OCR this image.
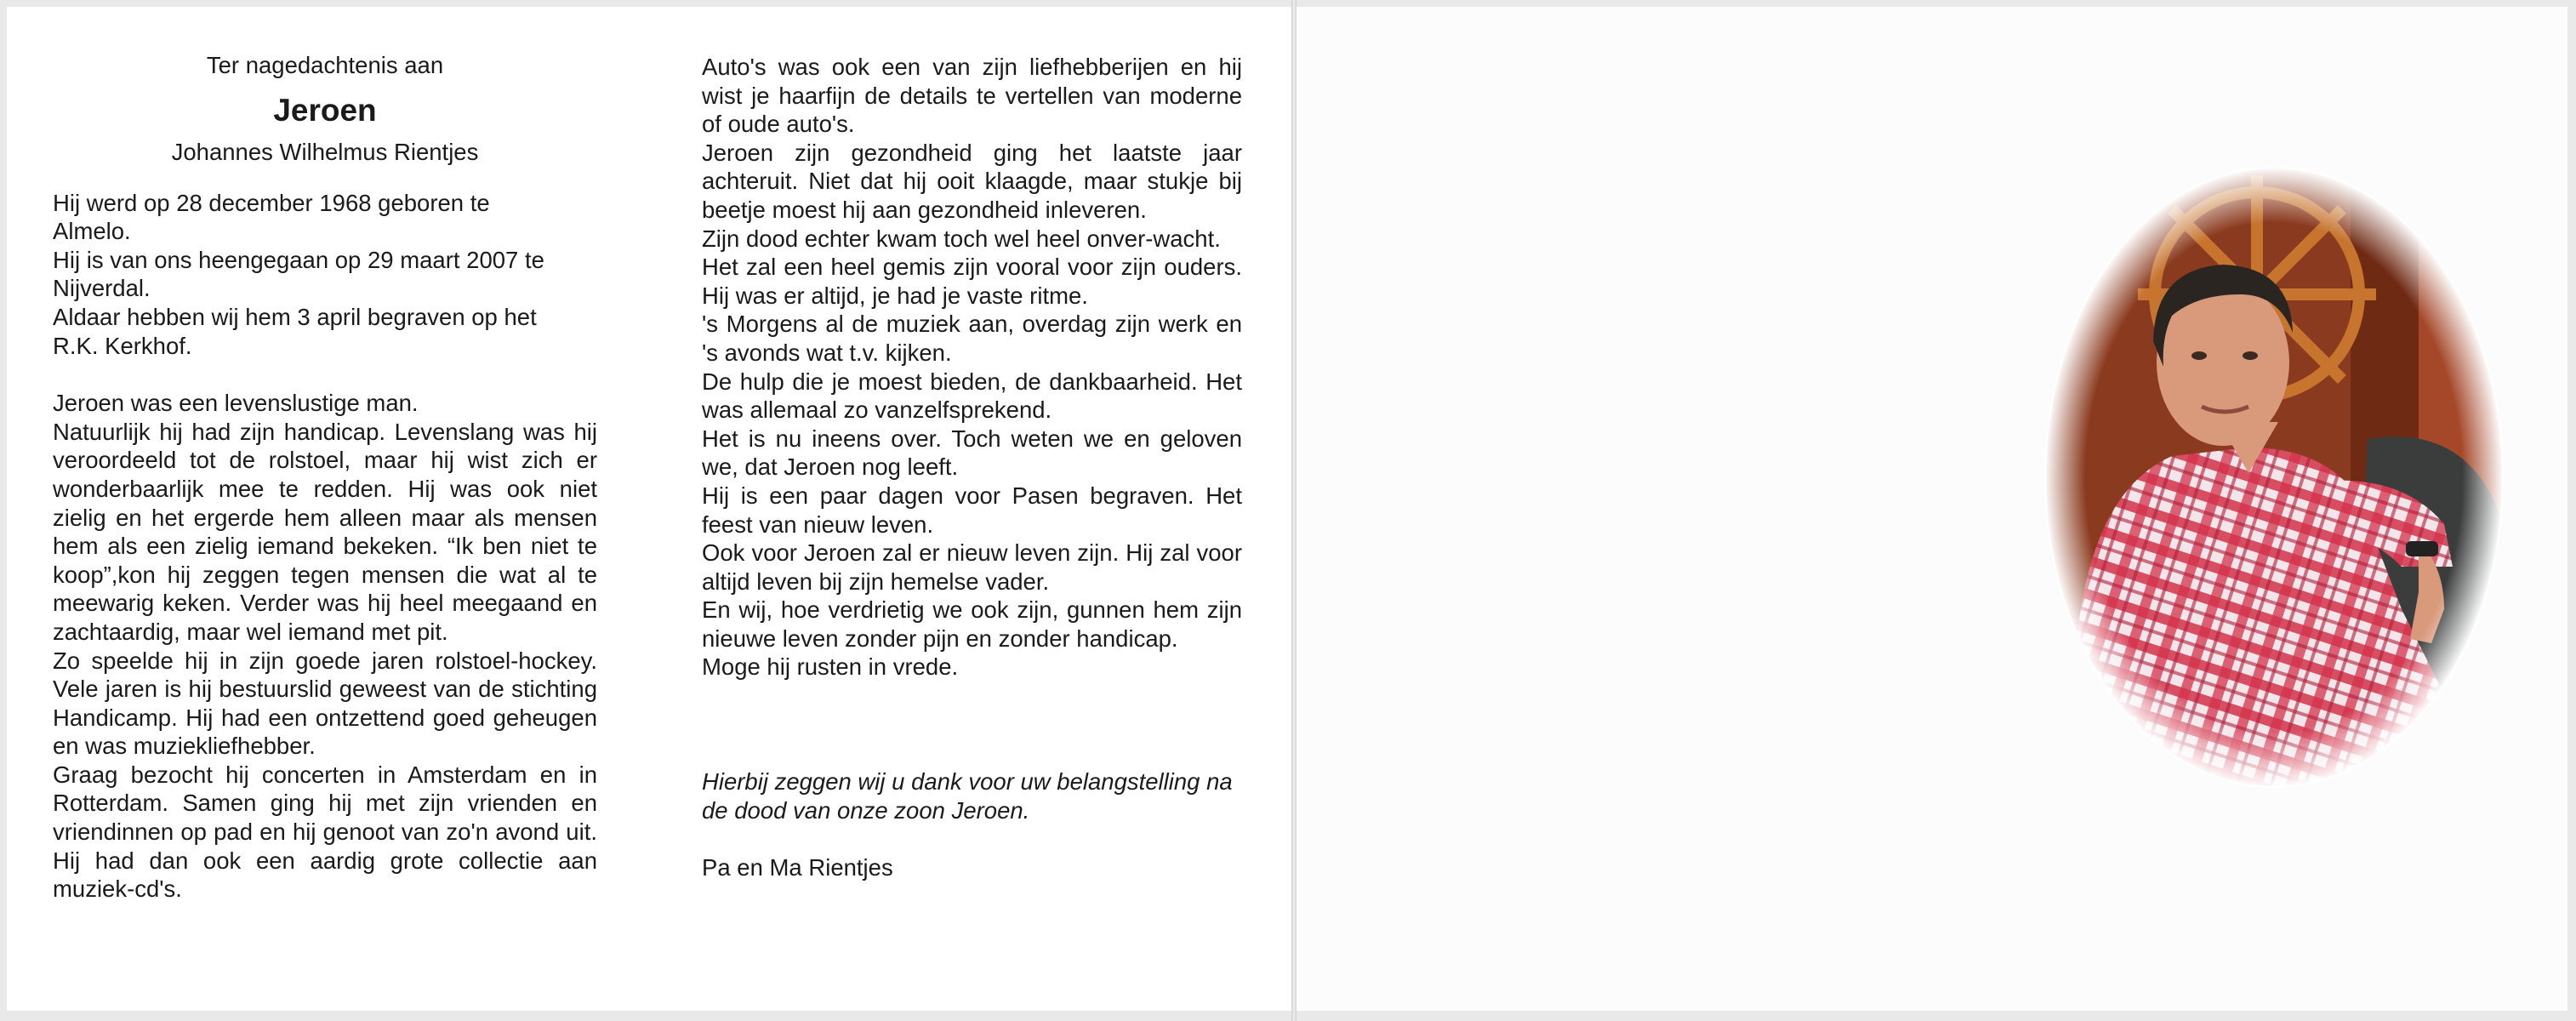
Ter nagedachtenis aan

Jeroen

Johannes Wilhelmus Rientjes

Hij werd op 28 december 1968 geboren te Almelo.

Hij is van ons heengegaan op 29 maart 2007 te Nijverdal.

Aldaar hebben wij hem 3 april begraven op het R.K. Kerkhof.

Jeroen was een levenslustige man.

Natuurlijk hij had zijn handicap. Levenslang was hij veroordeeld tot de rolstoel, maar hij wist zich er wonderbaarlijk mee te redden. Hij was ook niet zielig en het ergerde hem alleen maar als mensen hem als een zielig iemand bekeken. “Ik ben niet te koop”,kon hij zeggen tegen mensen die wat al te meewarig keken. Verder was hij heel meegaand en zachtaardig, maar wel iemand met pit.

Zo speelde hij in zijn goede jaren rolstoel-hockey. Vele jaren is hij bestuurslid geweest van de stichting Handicamp. Hij had een ontzettend goed geheugen en was muziekliefhebber.

Graag bezocht hij concerten in Amsterdam en in Rotterdam. Samen ging hij met zijn vrienden en vriendinnen op pad en hij genoot van zo'n avond uit. Hij had dan ook een aardig grote collectie aan muziek-cd's.

Auto's was ook een van zijn liefhebberijen en hij wist je haarfijn de details te vertellen van moderne of oude auto's.

Jeroen zijn gezondheid ging het laatste jaar achteruit. Niet dat hij ooit klaagde, maar stukje bij beetje moest hij aan gezondheid inleveren.

Zijn dood echter kwam toch wel heel onver-wacht.

Het zal een heel gemis zijn vooral voor zijn ouders. Hij was er altijd, je had je vaste ritme.

's Morgens al de muziek aan, overdag zijn werk en 's avonds wat t.v. kijken.

De hulp die je moest bieden, de dankbaarheid. Het was allemaal zo vanzelfsprekend.

Het is nu ineens over. Toch weten we en geloven we, dat Jeroen nog leeft.

Hij is een paar dagen voor Pasen begraven. Het feest van nieuw leven.

Ook voor Jeroen zal er nieuw leven zijn. Hij zal voor altijd leven bij zijn hemelse vader.

En wij, hoe verdrietig we ook zijn, gunnen hem zijn nieuwe leven zonder pijn en zonder handicap.

Moge hij rusten in vrede.

Hierbij zeggen wij u dank voor uw belangstelling na de dood van onze zoon Jeroen.

Pa en Ma Rientjes
